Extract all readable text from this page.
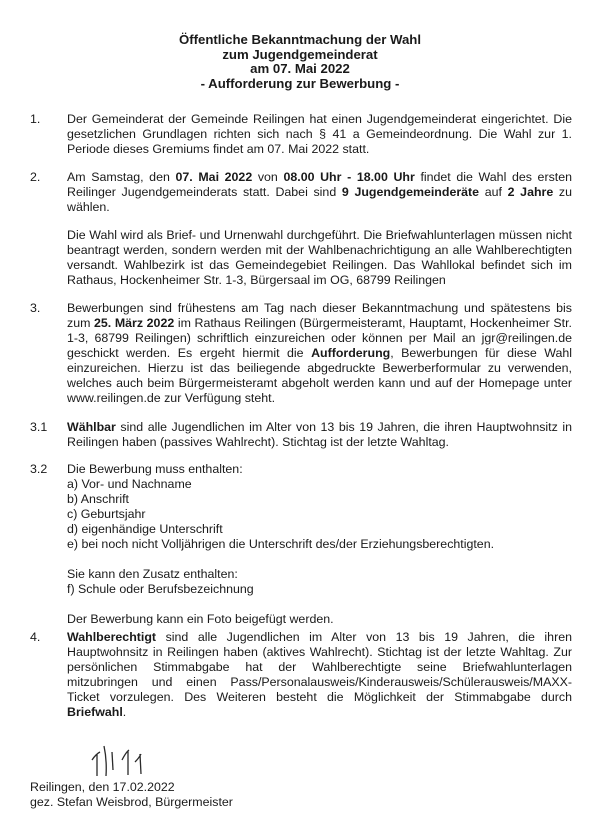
Öffentliche Bekanntmachung der Wahl
zum Jugendgemeinderat
am 07. Mai 2022
- Aufforderung zur Bewerbung -
1. Der Gemeinderat der Gemeinde Reilingen hat einen Jugendgemeinderat eingerichtet. Die gesetzlichen Grundlagen richten sich nach § 41 a Gemeindeordnung. Die Wahl zur 1. Periode dieses Gremiums findet am 07. Mai 2022 statt.
2. Am Samstag, den 07. Mai 2022 von 08.00 Uhr - 18.00 Uhr findet die Wahl des ersten Reilinger Jugendgemeinderats statt. Dabei sind 9 Jugendgemeinderäte auf 2 Jahre zu wählen.
Die Wahl wird als Brief- und Urnenwahl durchgeführt. Die Briefwahlunterlagen müssen nicht beantragt werden, sondern werden mit der Wahlbenachrichtigung an alle Wahlberechtigten versandt. Wahlbezirk ist das Gemeindegebiet Reilingen. Das Wahllokal befindet sich im Rathaus, Hockenheimer Str. 1-3, Bürgersaal im OG, 68799 Reilingen
3. Bewerbungen sind frühestens am Tag nach dieser Bekanntmachung und spätestens bis zum 25. März 2022 im Rathaus Reilingen (Bürgermeisteramt, Hauptamt, Hockenheimer Str. 1-3, 68799 Reilingen) schriftlich einzureichen oder können per Mail an jgr@reilingen.de geschickt werden. Es ergeht hiermit die Aufforderung, Bewerbungen für diese Wahl einzureichen. Hierzu ist das beiliegende abgedruckte Bewerberformular zu verwenden, welches auch beim Bürgermeisteramt abgeholt werden kann und auf der Homepage unter www.reilingen.de zur Verfügung steht.
3.1 Wählbar sind alle Jugendlichen im Alter von 13 bis 19 Jahren, die ihren Hauptwohnsitz in Reilingen haben (passives Wahlrecht). Stichtag ist der letzte Wahltag.
3.2 Die Bewerbung muss enthalten:
a) Vor- und Nachname
b) Anschrift
c) Geburtsjahr
d) eigenhändige Unterschrift
e) bei noch nicht Volljährigen die Unterschrift des/der Erziehungsberechtigten.
Sie kann den Zusatz enthalten:
f) Schule oder Berufsbezeichnung
Der Bewerbung kann ein Foto beigefügt werden.
4. Wahlberechtigt sind alle Jugendlichen im Alter von 13 bis 19 Jahren, die ihren Hauptwohnsitz in Reilingen haben (aktives Wahlrecht). Stichtag ist der letzte Wahltag. Zur persönlichen Stimmabgabe hat der Wahlberechtigte seine Briefwahlunterlagen mitzubringen und einen Pass/Personalausweis/Kinderausweis/Schülerausweis/MAXX-Ticket vorzulegen. Des Weiteren besteht die Möglichkeit der Stimmabgabe durch Briefwahl.
Reilingen, den 17.02.2022
gez. Stefan Weisbrod, Bürgermeister
